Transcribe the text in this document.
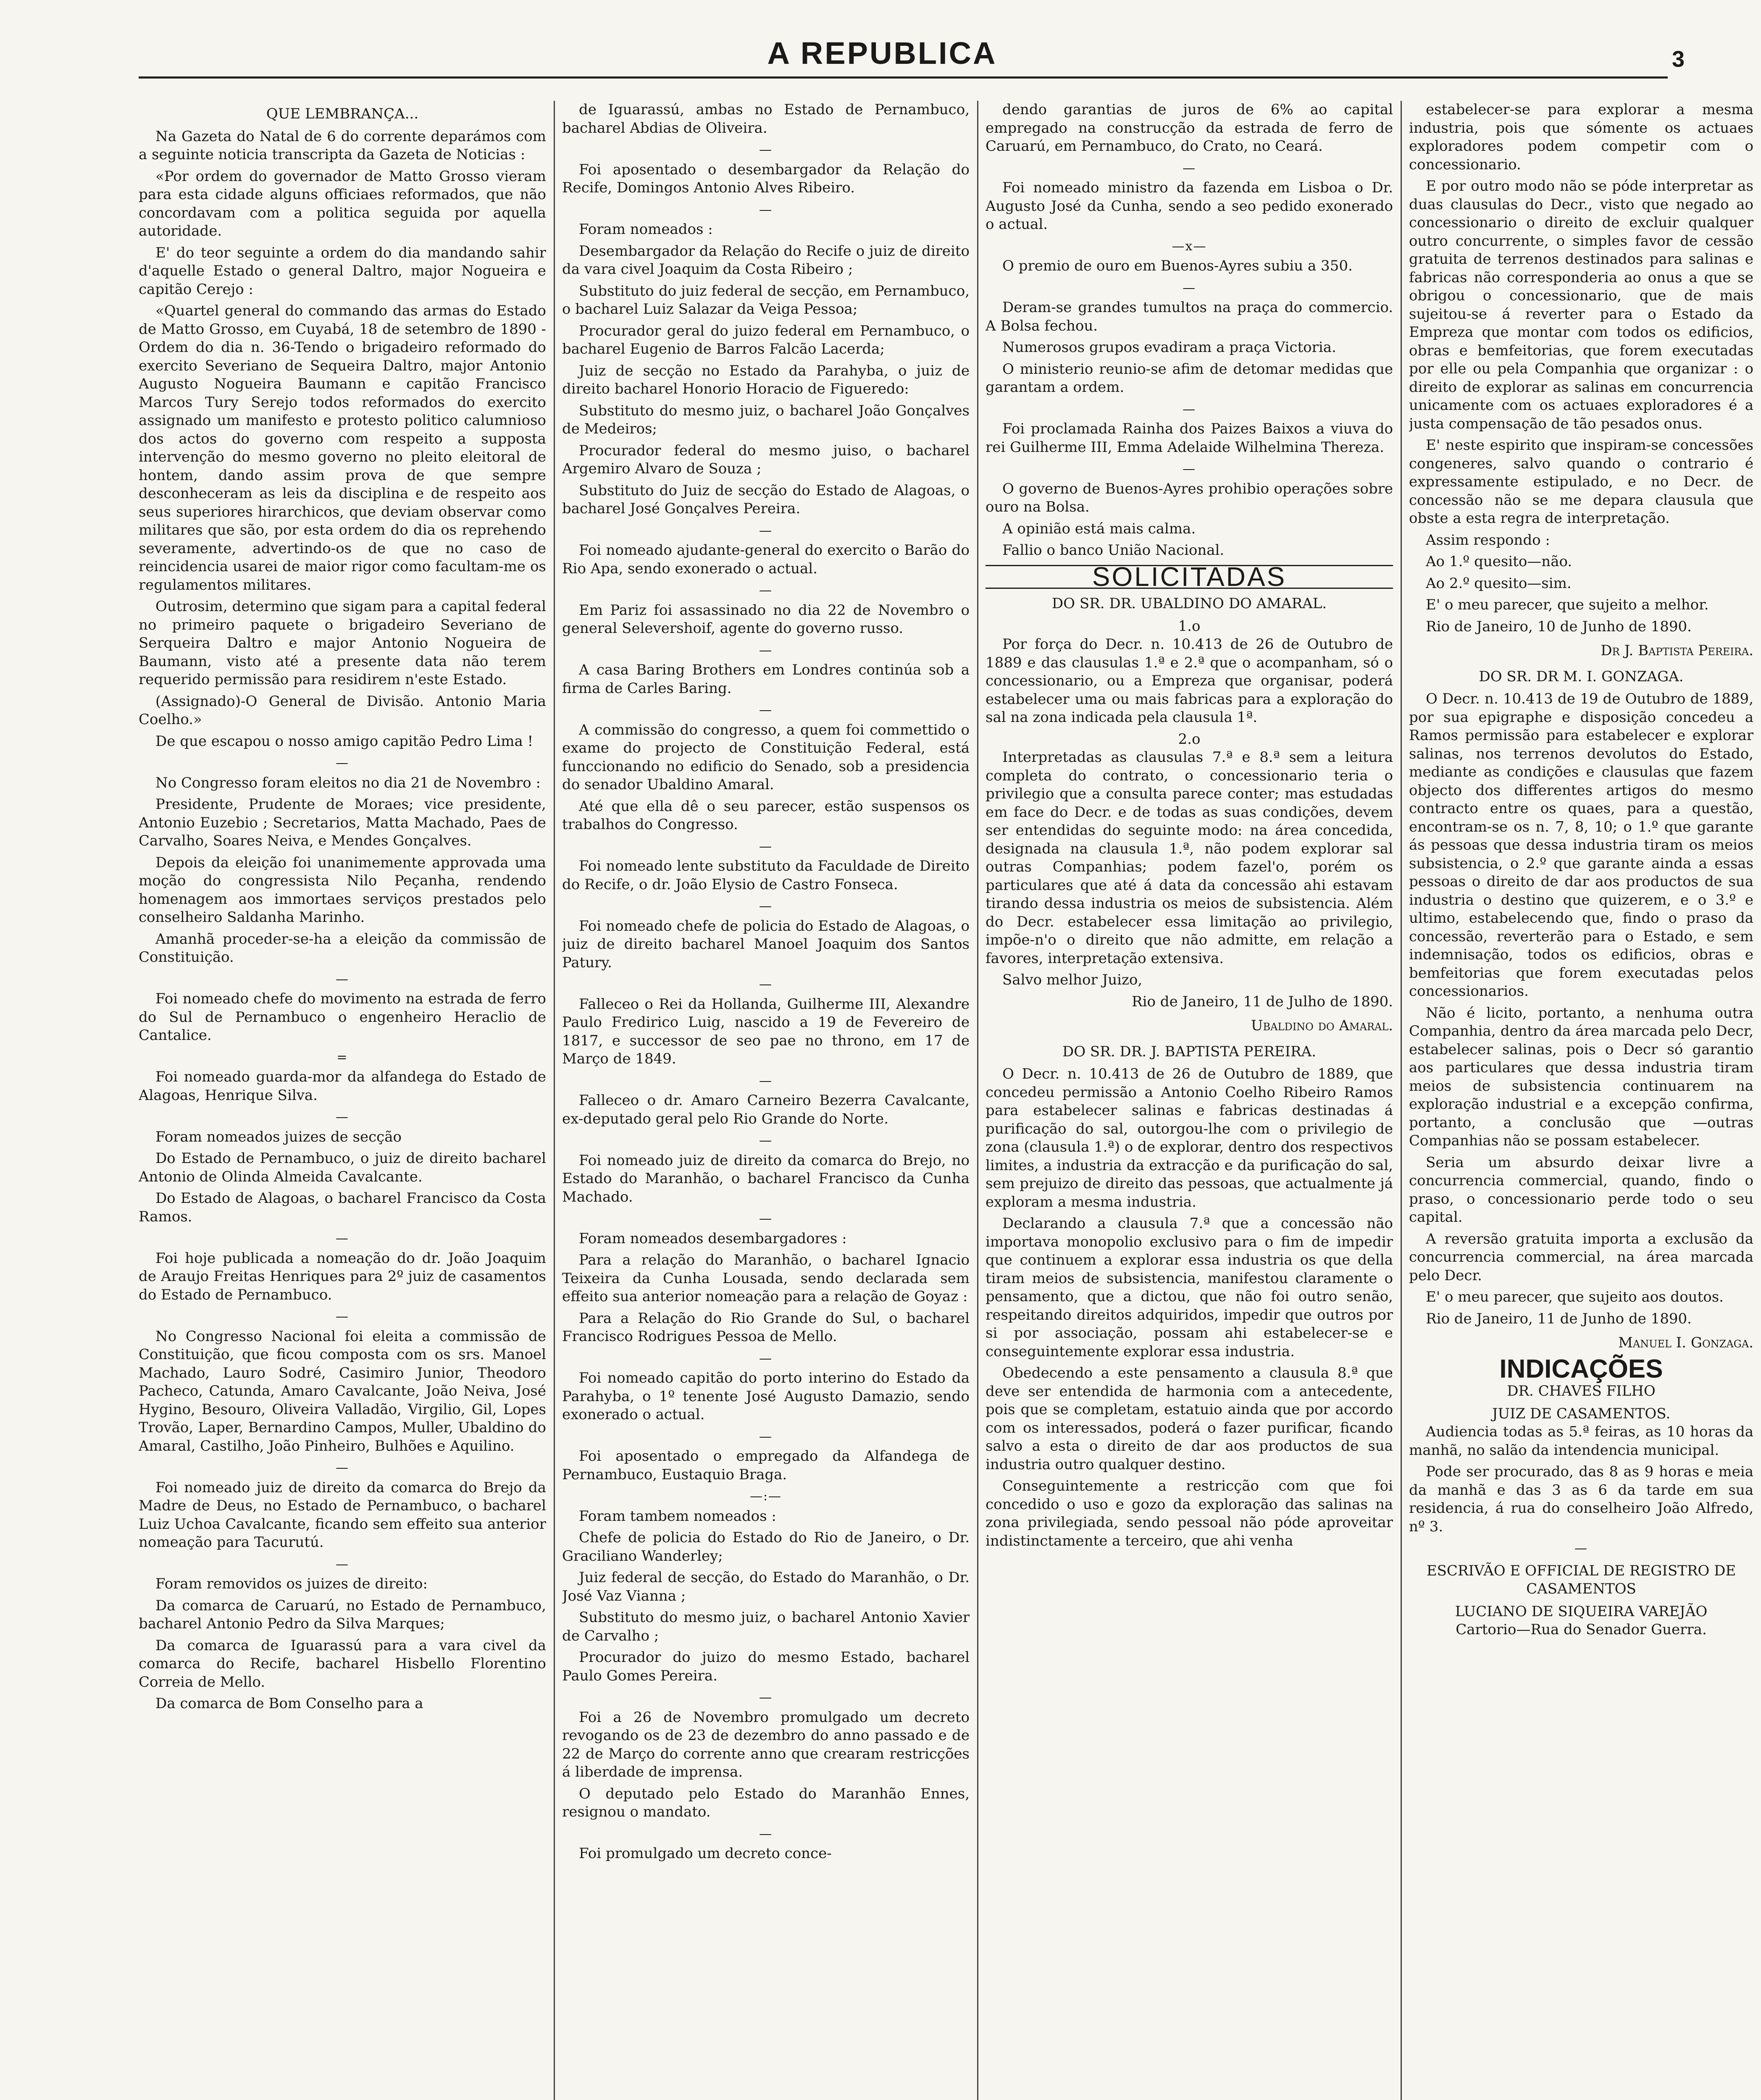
A REPUBLICA	3
QUE LEMBRANÇA...

Na Gazeta do Natal de 6 do corrente deparámos com a seguinte noticia transcripta da Gazeta de Noticias :

«Por ordem do governador de Matto Grosso vieram para esta cidade alguns officiaes reformados, que não concordavam com a politica seguida por aquella autoridade.

E' do teor seguinte a ordem do dia mandando sahir d'aquelle Estado o general Daltro, major Nogueira e capitão Cerejo :

«Quartel general do commando das armas do Estado de Matto Grosso, em Cuyabá, 18 de setembro de 1890 -Ordem do dia n. 36-Tendo o brigadeiro reformado do exercito Severiano de Sequeira Daltro, major Antonio Augusto Nogueira Baumann e capitão Francisco Marcos Tury Serejo todos reformados do exercito assignado um manifesto e protesto politico calumnioso dos actos do governo com respeito a supposta intervenção do mesmo governo no pleito eleitoral de hontem, dando assim prova de que sempre desconheceram as leis da disciplina e de respeito aos seus superiores hirarchicos, que deviam observar como militares que são, por esta ordem do dia os reprehendo severamente, advertindo-os de que no caso de reincidencia usarei de maior rigor como facultam-me os regulamentos militares.

Outrosim, determino que sigam para a capital federal no primeiro paquete o brigadeiro Severiano de Serqueira Daltro e major Antonio Nogueira de Baumann, visto até a presente data não terem requerido permissão para residirem n'este Estado.

(Assignado)-O General de Divisão. Antonio Maria Coelho.»

De que escapou o nosso amigo capitão Pedro Lima !

—

No Congresso foram eleitos no dia 21 de Novembro :

Presidente, Prudente de Moraes; vice presidente, Antonio Euzebio ; Secretarios, Matta Machado, Paes de Carvalho, Soares Neiva, e Mendes Gonçalves.

Depois da eleição foi unanimemente approvada uma moção do congressista Nilo Peçanha, rendendo homenagem aos immortaes serviços prestados pelo conselheiro Saldanha Marinho.

Amanhã proceder-se-ha a eleição da commissão de Constituição.

—

Foi nomeado chefe do movimento na estrada de ferro do Sul de Pernambuco o engenheiro Heraclio de Cantalice.

=

Foi nomeado guarda-mor da alfandega do Estado de Alagoas, Henrique Silva.

—

Foram nomeados juizes de secção

Do Estado de Pernambuco, o juiz de direito bacharel Antonio de Olinda Almeida Cavalcante.

Do Estado de Alagoas, o bacharel Francisco da Costa Ramos.

—

Foi hoje publicada a nomeação do dr. João Joaquim de Araujo Freitas Henriques para 2º juiz de casamentos do Estado de Pernambuco.

—

No Congresso Nacional foi eleita a commissão de Constituição, que ficou composta com os srs. Manoel Machado, Lauro Sodré, Casimiro Junior, Theodoro Pacheco, Catunda, Amaro Cavalcante, João Neiva, José Hygino, Besouro, Oliveira Valladão, Virgilio, Gil, Lopes Trovão, Laper, Bernardino Campos, Muller, Ubaldino do Amaral, Castilho, João Pinheiro, Bulhões e Aquilino.

—

Foi nomeado juiz de direito da comarca do Brejo da Madre de Deus, no Estado de Pernambuco, o bacharel Luiz Uchoa Cavalcante, ficando sem effeito sua anterior nomeação para Tacurutú.

—

Foram removidos os juizes de direito:

Da comarca de Caruarú, no Estado de Pernambuco, bacharel Antonio Pedro da Silva Marques;

Da comarca de Iguarassú para a vara civel da comarca do Recife, bacharel Hisbello Florentino Correia de Mello.

Da comarca de Bom Conselho para a

de Iguarassú, ambas no Estado de Pernambuco, bacharel Abdias de Oliveira.

—

Foi aposentado o desembargador da Relação do Recife, Domingos Antonio Alves Ribeiro.

—

Foram nomeados :

Desembargador da Relação do Recife o juiz de direito da vara civel Joaquim da Costa Ribeiro ;

Substituto do juiz federal de secção, em Pernambuco, o bacharel Luiz Salazar da Veiga Pessoa;

Procurador geral do juizo federal em Pernambuco, o bacharel Eugenio de Barros Falcão Lacerda;

Juiz de secção no Estado da Parahyba, o juiz de direito bacharel Honorio Horacio de Figueredo:

Substituto do mesmo juiz, o bacharel João Gonçalves de Medeiros;

Procurador federal do mesmo juiso, o bacharel Argemiro Alvaro de Souza ;

Substituto do Juiz de secção do Estado de Alagoas, o bacharel José Gonçalves Pereira.

—

Foi nomeado ajudante-general do exercito o Barão do Rio Apa, sendo exonerado o actual.

—

Em Pariz foi assassinado no dia 22 de Novembro o general Selevershoif, agente do governo russo.

—

A casa Baring Brothers em Londres continúa sob a firma de Carles Baring.

—

A commissão do congresso, a quem foi commettido o exame do projecto de Constituição Federal, está funccionando no edificio do Senado, sob a presidencia do senador Ubaldino Amaral.

Até que ella dê o seu parecer, estão suspensos os trabalhos do Congresso.

—

Foi nomeado lente substituto da Faculdade de Direito do Recife, o dr. João Elysio de Castro Fonseca.

—

Foi nomeado chefe de policia do Estado de Alagoas, o juiz de direito bacharel Manoel Joaquim dos Santos Patury.

—

Falleceo o Rei da Hollanda, Guilherme III, Alexandre Paulo Fredirico Luig, nascido a 19 de Fevereiro de 1817, e successor de seo pae no throno, em 17 de Março de 1849.

—

Falleceo o dr. Amaro Carneiro Bezerra Cavalcante, ex-deputado geral pelo Rio Grande do Norte.

—

Foi nomeado juiz de direito da comarca do Brejo, no Estado do Maranhão, o bacharel Francisco da Cunha Machado.

—

Foram nomeados desembargadores :

Para a relação do Maranhão, o bacharel Ignacio Teixeira da Cunha Lousada, sendo declarada sem effeito sua anterior nomeação para a relação de Goyaz :

Para a Relação do Rio Grande do Sul, o bacharel Francisco Rodrigues Pessoa de Mello.

—

Foi nomeado capitão do porto interino do Estado da Parahyba, o 1º tenente José Augusto Damazio, sendo exonerado o actual.

—

Foi aposentado o empregado da Alfandega de Pernambuco, Eustaquio Braga.

—:—

Foram tambem nomeados :

Chefe de policia do Estado do Rio de Janeiro, o Dr. Graciliano Wanderley;

Juiz federal de secção, do Estado do Maranhão, o Dr. José Vaz Vianna ;

Substituto do mesmo juiz, o bacharel Antonio Xavier de Carvalho ;

Procurador do juizo do mesmo Estado, bacharel Paulo Gomes Pereira.

—

Foi a 26 de Novembro promulgado um decreto revogando os de 23 de dezembro do anno passado e de 22 de Março do corrente anno que crearam restricções á liberdade de imprensa.

O deputado pelo Estado do Maranhão Ennes, resignou o mandato.

—

Foi promulgado um decreto conce-

dendo garantias de juros de 6% ao capital empregado na construcção da estrada de ferro de Caruarú, em Pernambuco, do Crato, no Ceará.

—

Foi nomeado ministro da fazenda em Lisboa o Dr. Augusto José da Cunha, sendo a seo pedido exonerado o actual.

—x—

O premio de ouro em Buenos-Ayres subiu a 350.

—

Deram-se grandes tumultos na praça do commercio. A Bolsa fechou.

Numerosos grupos evadiram a praça Victoria.

O ministerio reunio-se afim de detomar medidas que garantam a ordem.

—

Foi proclamada Rainha dos Paizes Baixos a viuva do rei Guilherme III, Emma Adelaide Wilhelmina Thereza.

—

O governo de Buenos-Ayres prohibio operações sobre ouro na Bolsa.

A opinião está mais calma.

Fallio o banco União Nacional.

SOLICITADAS
DO SR. DR. UBALDINO DO AMARAL.
1.o

Por força do Decr. n. 10.413 de 26 de Outubro de 1889 e das clausulas 1.ª e 2.ª que o acompanham, só o concessionario, ou a Empreza que organisar, poderá estabelecer uma ou mais fabricas para a exploração do sal na zona indicada pela clausula 1ª.

2.o

Interpretadas as clausulas 7.ª e 8.ª sem a leitura completa do contrato, o concessionario teria o privilegio que a consulta parece conter; mas estudadas em face do Decr. e de todas as suas condições, devem ser entendidas do seguinte modo: na área concedida, designada na clausula 1.ª, não podem explorar sal outras Companhias; podem fazel'o, porém os particulares que até á data da concessão ahi estavam tirando dessa industria os meios de subsistencia. Além do Decr. estabelecer essa limitação ao privilegio, impõe-n'o o direito que não admitte, em relação a favores, interpretação extensiva.

Salvo melhor Juizo,

Rio de Janeiro, 11 de Julho de 1890.
Ubaldino do Amaral.
DO SR. DR. J. BAPTISTA PEREIRA.

O Decr. n. 10.413 de 26 de Outubro de 1889, que concedeu permissão a Antonio Coelho Ribeiro Ramos para estabelecer salinas e fabricas destinadas á purificação do sal, outorgou-lhe com o privilegio de zona (clausula 1.ª) o de explorar, dentro dos respectivos limites, a industria da extracção e da purificação do sal, sem prejuizo de direito das pessoas, que actualmente já exploram a mesma industria.

Declarando a clausula 7.ª que a concessão não importava monopolio exclusivo para o fim de impedir que continuem a explorar essa industria os que della tiram meios de subsistencia, manifestou claramente o pensamento, que a dictou, que não foi outro senão, respeitando direitos adquiridos, impedir que outros por si por associação, possam ahi estabelecer-se e conseguintemente explorar essa industria.

Obedecendo a este pensamento a clausula 8.ª que deve ser entendida de harmonia com a antecedente, pois que se completam, estatuio ainda que por accordo com os interessados, poderá o fazer purificar, ficando salvo a esta o direito de dar aos productos de sua industria outro qualquer destino.

Conseguintemente a restricção com que foi concedido o uso e gozo da exploração das salinas na zona privilegiada, sendo pessoal não póde aproveitar indistinctamente a terceiro, que ahi venha

estabelecer-se para explorar a mesma industria, pois que sómente os actuaes exploradores podem competir com o concessionario.

E por outro modo não se póde interpretar as duas clausulas do Decr., visto que negado ao concessionario o direito de excluir qualquer outro concurrente, o simples favor de cessão gratuita de terrenos destinados para salinas e fabricas não corresponderia ao onus a que se obrigou o concessionario, que de mais sujeitou-se á reverter para o Estado da Empreza que montar com todos os edificios, obras e bemfeitorias, que forem executadas por elle ou pela Companhia que organizar : o direito de explorar as salinas em concurrencia unicamente com os actuaes exploradores é a justa compensação de tão pesados onus.

E' neste espirito que inspiram-se concessões congeneres, salvo quando o contrario é expressamente estipulado, e no Decr. de concessão não se me depara clausula que obste a esta regra de interpretação.

Assim respondo :

Ao 1.º quesito—não.

Ao 2.º quesito—sim.

E' o meu parecer, que sujeito a melhor.

Rio de Janeiro, 10 de Junho de 1890.

Dr J. Baptista Pereira.
DO SR. DR M. I. GONZAGA.

O Decr. n. 10.413 de 19 de Outubro de 1889, por sua epigraphe e disposição concedeu a Ramos permissão para estabelecer e explorar salinas, nos terrenos devolutos do Estado, mediante as condições e clausulas que fazem objecto dos differentes artigos do mesmo contracto entre os quaes, para a questão, encontram-se os n. 7, 8, 10; o 1.º que garante ás pessoas que dessa industria tiram os meios subsistencia, o 2.º que garante ainda a essas pessoas o direito de dar aos productos de sua industria o destino que quizerem, e o 3.º e ultimo, estabelecendo que, findo o praso da concessão, reverterão para o Estado, e sem indemnisação, todos os edificios, obras e bemfeitorias que forem executadas pelos concessionarios.

Não é licito, portanto, a nenhuma outra Companhia, dentro da área marcada pelo Decr, estabelecer salinas, pois o Decr só garantio aos particulares que dessa industria tiram meios de subsistencia continuarem na exploração industrial e a excepção confirma, portanto, a conclusão que —outras Companhias não se possam estabelecer.

Seria um absurdo deixar livre a concurrencia commercial, quando, findo o praso, o concessionario perde todo o seu capital.

A reversão gratuita importa a exclusão da concurrencia commercial, na área marcada pelo Decr.

E' o meu parecer, que sujeito aos doutos.

Rio de Janeiro, 11 de Junho de 1890.

Manuel I. Gonzaga.
INDICAÇÕES
DR. CHAVES FILHO
JUIZ DE CASAMENTOS.

Audiencia todas as 5.ª feiras, as 10 horas da manhã, no salão da intendencia municipal.

Pode ser procurado, das 8 as 9 horas e meia da manhã e das 3 as 6 da tarde em sua residencia, á rua do conselheiro João Alfredo, nº 3.

—
ESCRIVÃO E OFFICIAL DE REGISTRO DE CASAMENTOS
LUCIANO DE SIQUEIRA VAREJÃO
Cartorio—Rua do Senador Guerra.
